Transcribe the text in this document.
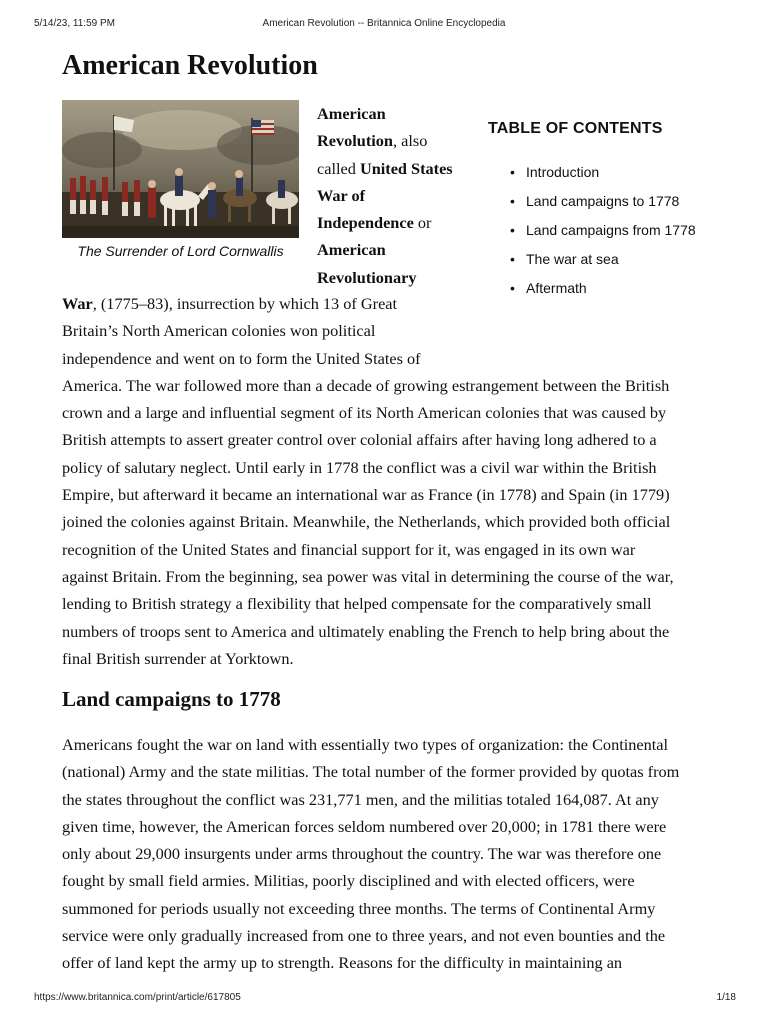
5/14/23, 11:59 PM	American Revolution -- Britannica Online Encyclopedia
American Revolution
The Surrender of Lord Cornwallis
American
Revolution, also
called United States
War of
Independence or
American
Revolutionary
TABLE OF CONTENTS
• Introduction
• Land campaigns to 1778
• Land campaigns from 1778
• The war at sea
• Aftermath
War, (1775–83), insurrection by which 13 of Great
Britain’s North American colonies won political
independence and went on to form the United States of
America. The war followed more than a decade of growing estrangement between the British
crown and a large and influential segment of its North American colonies that was caused by
British attempts to assert greater control over colonial affairs after having long adhered to a
policy of salutary neglect. Until early in 1778 the conflict was a civil war within the British
Empire, but afterward it became an international war as France (in 1778) and Spain (in 1779)
joined the colonies against Britain. Meanwhile, the Netherlands, which provided both official
recognition of the United States and financial support for it, was engaged in its own war
against Britain. From the beginning, sea power was vital in determining the course of the war,
lending to British strategy a flexibility that helped compensate for the comparatively small
numbers of troops sent to America and ultimately enabling the French to help bring about the
final British surrender at Yorktown.
Land campaigns to 1778
Americans fought the war on land with essentially two types of organization: the Continental
(national) Army and the state militias. The total number of the former provided by quotas from
the states throughout the conflict was 231,771 men, and the militias totaled 164,087. At any
given time, however, the American forces seldom numbered over 20,000; in 1781 there were
only about 29,000 insurgents under arms throughout the country. The war was therefore one
fought by small field armies. Militias, poorly disciplined and with elected officers, were
summoned for periods usually not exceeding three months. The terms of Continental Army
service were only gradually increased from one to three years, and not even bounties and the
offer of land kept the army up to strength. Reasons for the difficulty in maintaining an
https://www.britannica.com/print/article/617805	1/18
